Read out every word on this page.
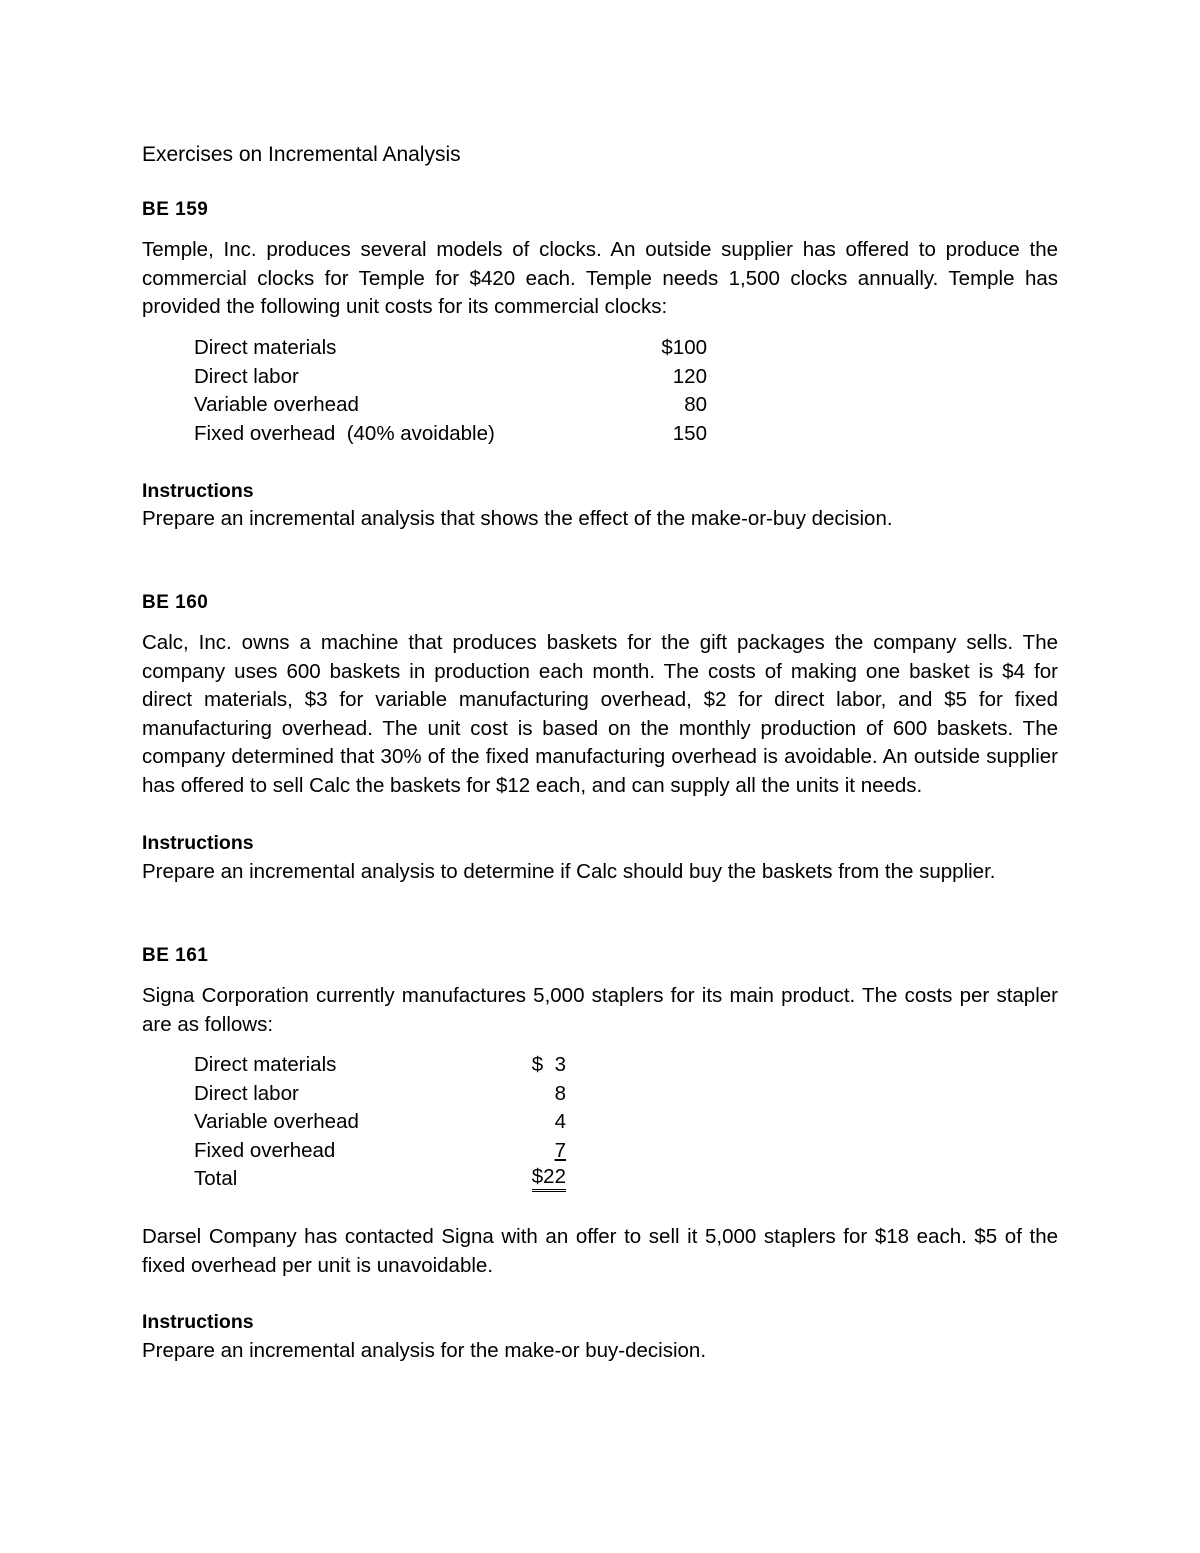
Exercises on Incremental Analysis
BE 159
Temple, Inc. produces several models of clocks. An outside supplier has offered to produce the commercial clocks for Temple for $420 each. Temple needs 1,500 clocks annually. Temple has provided the following unit costs for its commercial clocks:
Direct materials	$100
Direct labor	120
Variable overhead	80
Fixed overhead  (40% avoidable)	150
Instructions
Prepare an incremental analysis that shows the effect of the make-or-buy decision.
BE 160
Calc, Inc. owns a machine that produces baskets for the gift packages the company sells. The company uses 600 baskets in production each month. The costs of making one basket is $4 for direct materials, $3 for variable manufacturing overhead, $2 for direct labor, and $5 for fixed manufacturing overhead. The unit cost is based on the monthly production of 600 baskets. The company determined that 30% of the fixed manufacturing overhead is avoidable. An outside supplier has offered to sell Calc the baskets for $12 each, and can supply all the units it needs.
Instructions
Prepare an incremental analysis to determine if Calc should buy the baskets from the supplier.
BE 161
Signa Corporation currently manufactures 5,000 staplers for its main product. The costs per stapler are as follows:
Direct materials	$  3
Direct labor	8
Variable overhead	4
Fixed overhead	7
Total	$22
Darsel Company has contacted Signa with an offer to sell it 5,000 staplers for $18 each. $5 of the fixed overhead per unit is unavoidable.
Instructions
Prepare an incremental analysis for the make-or buy-decision.
